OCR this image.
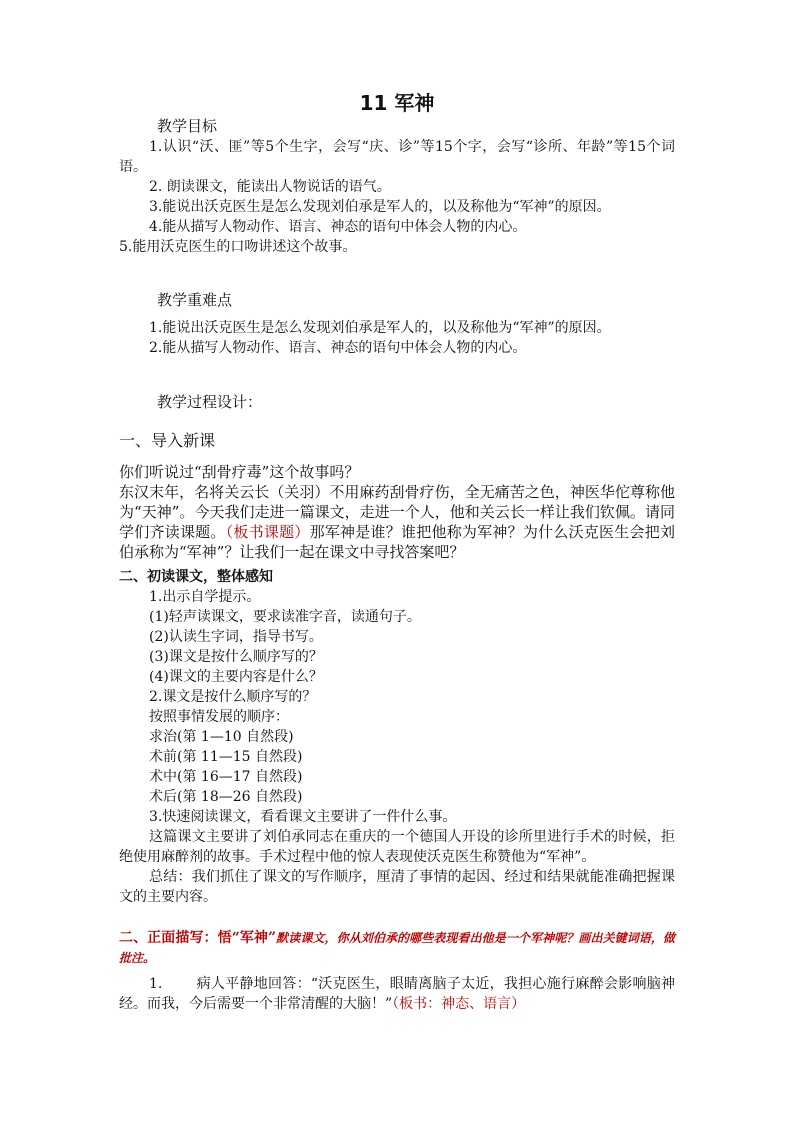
11 军神
教学目标

1.认识“沃、匪”等5个生字，会写“庆、诊”等15个字，会写“诊所、年龄”等15个词语。

2. 朗读课文，能读出人物说话的语气。

3.能说出沃克医生是怎么发现刘伯承是军人的，以及称他为“军神”的原因。

4.能从描写人物动作、语言、神态的语句中体会人物的内心。

5.能用沃克医生的口吻讲述这个故事。

教学重难点

1.能说出沃克医生是怎么发现刘伯承是军人的，以及称他为“军神”的原因。

2.能从描写人物动作、语言、神态的语句中体会人物的内心。

教学过程设计：

一、导入新课

你们听说过“刮骨疗毒”这个故事吗？

东汉末年，名将关云长（关羽）不用麻药刮骨疗伤，全无痛苦之色，神医华佗尊称他为“天神”。今天我们走进一篇课文，走进一个人，他和关云长一样让我们钦佩。请同学们齐读课题。（板书课题）那军神是谁？谁把他称为军神？为什么沃克医生会把刘伯承称为“军神”？让我们一起在课文中寻找答案吧？

二、初读课文，整体感知

1.出示自学提示。

(1)轻声读课文，要求读准字音，读通句子。

(2)认读生字词，指导书写。

(3)课文是按什么顺序写的？

(4)课文的主要内容是什么？

2.课文是按什么顺序写的？

按照事情发展的顺序：

求治(第 1—10 自然段)

术前(第 11—15 自然段)

术中(第 16—17 自然段)

术后(第 18—26 自然段)

3.快速阅读课文，看看课文主要讲了一件什么事。

这篇课文主要讲了刘伯承同志在重庆的一个德国人开设的诊所里进行手术的时候，拒绝使用麻醉剂的故事。手术过程中他的惊人表现使沃克医生称赞他为“军神”。

总结：我们抓住了课文的写作顺序，厘清了事情的起因、经过和结果就能准确把握课文的主要内容。

二、正面描写：悟“军神”默读课文，你从刘伯承的哪些表现看出他是一个军神呢？画出关键词语，做批注。

1. 病人平静地回答：“沃克医生，眼睛离脑子太近，我担心施行麻醉会影响脑神经。而我，今后需要一个非常清醒的大脑！”（板书：神态、语言）
